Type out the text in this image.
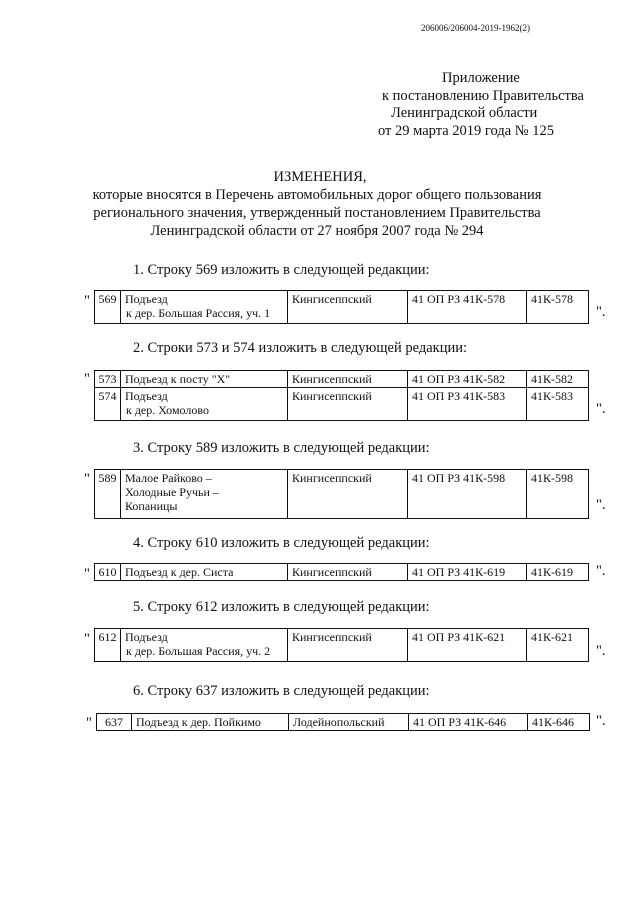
206006/206004-2019-1962(2)
Приложение
к постановлению Правительства
Ленинградской области
от 29 марта 2019 года № 125
ИЗМЕНЕНИЯ,
которые вносятся в Перечень автомобильных дорог общего пользования
регионального значения, утвержденный постановлением Правительства
Ленинградской области от 27 ноября 2007 года № 294
1. Строку 569 изложить в следующей редакции:
" 569	Подъезд
к дер. Большая Рассия, уч. 1
	Кингисеппский	41 ОП РЗ 41К-578	41К-578
".
2. Строки 573 и 574 изложить в следующей редакции:
" 573	Подъезд к посту "Х"	Кингисеппский	41 ОП РЗ 41К-582	41К-582
574	Подъезд
к дер. Хомолово	Кингисеппский	41 ОП РЗ 41К-583	41К-583
".
3. Строку 589 изложить в следующей редакции:
" 589	Малое Райково –
Холодные Ручьи –
Копаницы
	Кингисеппский	41 ОП РЗ 41К-598	41К-598
".
4. Строку 610 изложить в следующей редакции:
" 610	Подъезд к дер. Систа	Кингисеппский	41 ОП РЗ 41К-619	41К-619 ".
5. Строку 612 изложить в следующей редакции:
" 612	Подъезд
к дер. Большая Рассия, уч. 2
	Кингисеппский	41 ОП РЗ 41К-621	41К-621
".
6. Строку 637 изложить в следующей редакции:
" 637	Подъезд к дер. Пойкимо	Лодейнопольский	41 ОП РЗ 41К-646	41К-646 ".
